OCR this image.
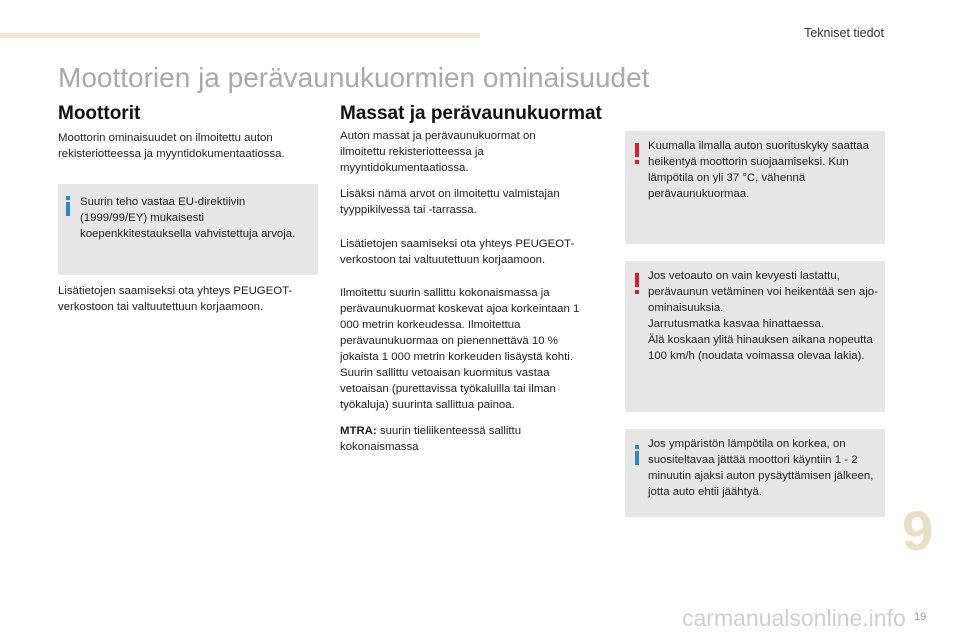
Tekniset tiedot
Moottorien ja perävaunukuormien ominaisuudet
Moottorit

Moottorin ominaisuudet on ilmoitettu auton rekisteriotteessa ja myyntidokumentaatiossa.

Suurin teho vastaa EU-direktiivin (1999/99/EY) mukaisesti koepenkkitestauksella vahvistettuja arvoja.

Lisätietojen saamiseksi ota yhteys PEUGEOT-verkostoon tai valtuutettuun korjaamoon.

Massat ja perävaunukuormat

Auton massat ja perävaunukuormat on ilmoitettu rekisteriotteessa ja myyntidokumentaatiossa.

Lisäksi nämä arvot on ilmoitettu valmistajan tyyppikilvessä tai -tarrassa.

Lisätietojen saamiseksi ota yhteys PEUGEOT-verkostoon tai valtuutettuun korjaamoon.

Ilmoitettu suurin sallittu kokonaismassa ja perävaunukuormat koskevat ajoa korkeintaan 1 000 metrin korkeudessa. Ilmoitettua perävaunukuormaa on pienennettävä 10 % jokaista 1 000 metrin korkeuden lisäystä kohti. Suurin sallittu vetoaisan kuormitus vastaa vetoaisan (purettavissa työkaluilla tai ilman työkaluja) suurinta sallittua painoa.

MTRA: suurin tieliikenteessä sallittu kokonaismassa

Kuumalla ilmalla auton suorituskyky saattaa heikentyä moottorin suojaamiseksi. Kun lämpötila on yli 37 °C, vähennä perävaunukuormaa.

Jos vetoauto on vain kevyesti lastattu, perävaunun vetäminen voi heikentää sen ajo-ominaisuuksia.
Jarrutusmatka kasvaa hinattaessa.
Älä koskaan ylitä hinauksen aikana nopeutta 100 km/h (noudata voimassa olevaa lakia).

Jos ympäristön lämpötila on korkea, on suositeltavaa jättää moottori käyntiin 1 - 2 minuutin ajaksi auton pysäyttämisen jälkeen, jotta auto ehtii jäähtyä.

9
carmanualsonline.info 19
